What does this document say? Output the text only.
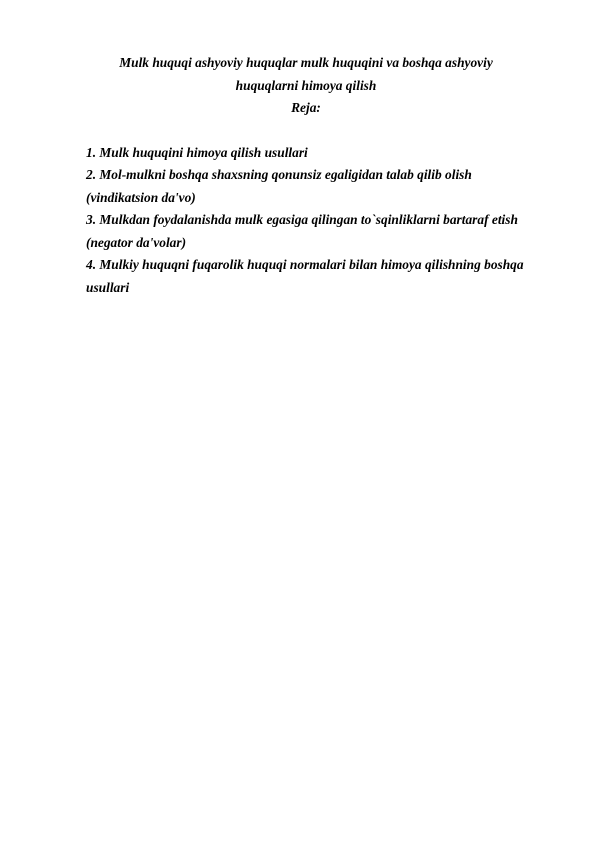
Mulk huquqi ashyoviy huquqlar mulk huquqini va boshqa ashyoviy
huquqlarni himoya qilish

Reja:

1. Mulk huquqini himoya qilish usullari
2. Mol-mulkni boshqa shaxsning qonunsiz egaligidan talab qilib olish (vindikatsion da'vo)
3. Mulkdan foydalanishda mulk egasiga qilingan to`sqinliklarni bartaraf etish (negator da'volar)
4. Mulkiy huquqni fuqarolik huquqi normalari bilan himoya qilishning boshqa usullari
